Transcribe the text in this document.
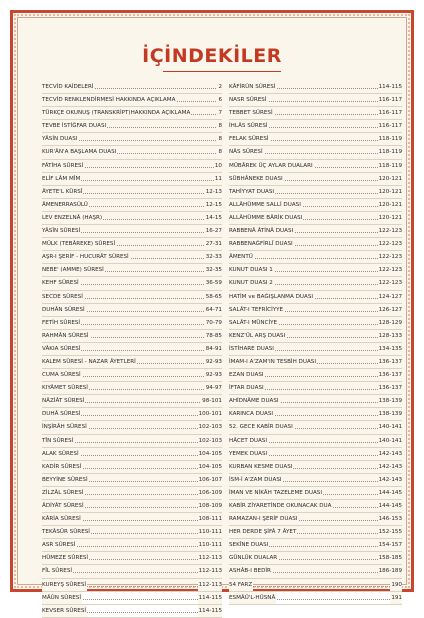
İÇİNDEKİLER
TECVİD KAİDELERİ	2
TECVİD RENKLENDİRMESİ HAKKINDA AÇIKLAMA	6
TÜRKÇE OKUNUŞ (TRANSKRİPT)HAKKINDA AÇIKLAMA	7
TEVBE İSTİĞFAR DUASI	8
YÂSİN DUASI	8
KUR'ÂN'A BAŞLAMA DUASI	8
FÂTİHA SÛRESİ	10
ELİF LÂM MÎM	11
ÂYETE'L KÜRSÎ	12-13
ÂMENERRASÛLÜ	12-15
LEV ENZELNÂ (HAŞR)	14-15
YÂSÎN SÛRESİ	16-27
MÜLK (TEBÂREKE) SÛRESİ	27-31
AŞR-I ŞERİF - HUCURÂT SÛRESİ	32-33
NEBE' (AMME) SÛRESİ	32-35
KEHF SÛRESİ	36-59
SECDE SÛRESİ	58-65
DUHÂN SÛRESİ	64-71
FETİH SÛRESİ	70-79
RAHMÂN SÛRESİ	78-85
VÂKIA SÛRESİ	84-91
KALEM SÛRESİ - NAZAR ÂYETLERİ	92-93
CUMA SÛRESİ	92-93
KIYÂMET SÛRESİ	94-97
NÂZİÂT SÛRESİ	98-101
DUHÂ SÛRESİ	100-101
İNŞİRÂH SÛRESİ	102-103
TÎN SÛRESİ	102-103
ALAK SÛRESİ	104-105
KADİR SÛRESİ	104-105
BEYYİNE SÛRESİ	106-107
ZİLZÂL SÛRESİ	106-109
ÂDİYÂT SÛRESİ	108-109
KÂRİA SÛRESİ	108-111
TEKÂSÜR SÛRESİ	110-111
ASR SÛRESİ	110-111
HÜMEZE SÛRESİ	112-113
FÎL SÛRESİ	112-113
KUREYŞ SÛRESİ	112-113
MÂÛN SÛRESİ	114-115
KEVSER SÛRESİ	114-115
KÂFİRÛN SÛRESİ	114-115
NASR SÛRESİ	116-117
TEBBET SÛRESİ	116-117
İHLÂS SÛRESİ	116-117
FELAK SÛRESİ	118-119
NÂS SÛRESİ	118-119
MÜBÂREK ÜÇ AYLAR DUALARI	118-119
SÜBHÂNEKE DUASI	120-121
TAHİYYAT DUASI	120-121
ALLÂHÜMME SALLİ DUASI	120-121
ALLÂHÜMME BÂRİK DUASI	120-121
RABBENÂ ÂTİNÂ DUASI	122-123
RABBENAĞFİRLÎ DUASI	122-123
ÂMENTÜ	122-123
KUNUT DUASI 1	122-123
KUNUT DUASI 2	122-123
HATİM ve BAĞIŞLANMA DUASI	124-127
SALÂT-I TEFRİCİYYE	126-127
SALÂT-I MÜNCİYE	128-129
KENZ'ÜL ARŞ DUASI	128-133
İSTİHARE DUASI	134-135
İMAM-I A'ZAM'IN TESBİH DUASI	136-137
EZAN DUASI	136-137
İFTAR DUASI	136-137
AHİDNÂME DUASI	138-139
KARINCA DUASI	138-139
52. GECE KABİR DUASI	140-141
HÂCET DUASI	140-141
YEMEK DUASI	142-143
KURBAN KESME DUASI	142-143
İSM-İ A'ZAM DUASI	142-143
İMAN VE NİKÂH TAZELEME DUASI	144-145
KABİR ZİYARETİNDE OKUNACAK DUA	144-145
RAMAZAN-I ŞERİF DUASI	146-153
HER DERDE ŞİFÂ 7 ÂYET	152-155
SEKÎNE DUASI	154-157
GÜNLÜK DUALAR	158-185
ASHÂB-I BEDİR	186-189
54 FARZ	190
ESMÂÜ'L-HÜSNÂ	191
